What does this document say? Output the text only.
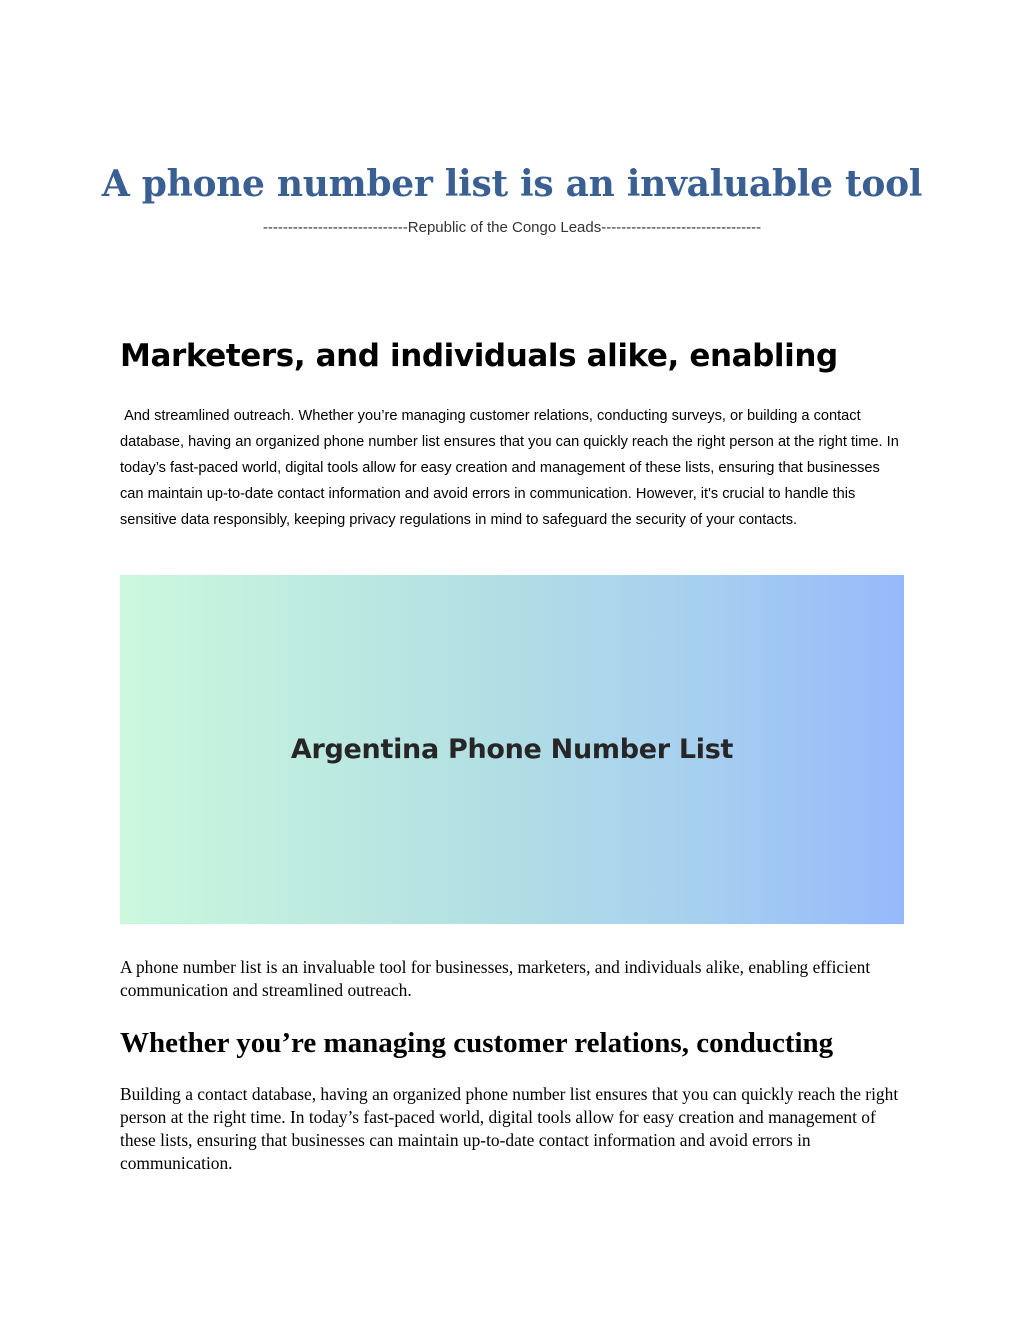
A phone number list is an invaluable tool
-----------------------------Republic of the Congo Leads--------------------------------
Marketers, and individuals alike, enabling

And streamlined outreach. Whether you’re managing customer relations, conducting surveys, or building a contact database, having an organized phone number list ensures that you can quickly reach the right person at the right time. In today’s fast-paced world, digital tools allow for easy creation and management of these lists, ensuring that businesses can maintain up-to-date contact information and avoid errors in communication. However, it's crucial to handle this sensitive data responsibly, keeping privacy regulations in mind to safeguard the security of your contacts.

Argentina Phone Number List

A phone number list is an invaluable tool for businesses, marketers, and individuals alike, enabling efficient communication and streamlined outreach.

Whether you’re managing customer relations, conducting

Building a contact database, having an organized phone number list ensures that you can quickly reach the right person at the right time. In today’s fast-paced world, digital tools allow for easy creation and management of these lists, ensuring that businesses can maintain up-to-date contact information and avoid errors in communication.
